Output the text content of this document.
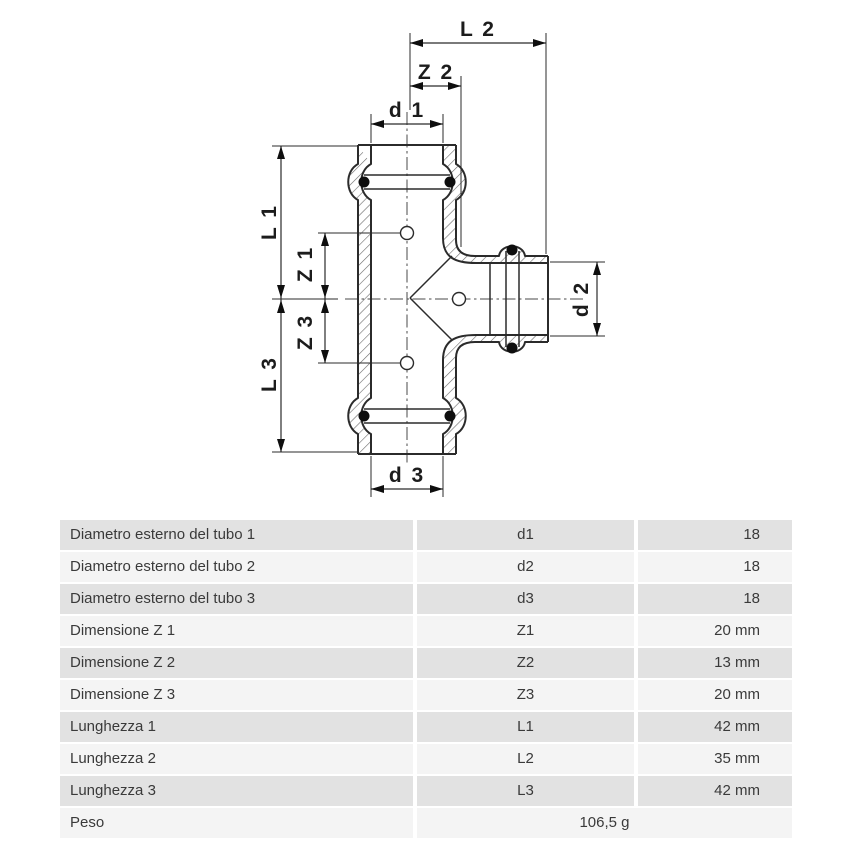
L 2
Z 2
d 1
d 3
L 1
Z 1
Z 3
L 3
d 2
Diametro esterno del tubo 1	d1	18
Diametro esterno del tubo 2	d2	18
Diametro esterno del tubo 3	d3	18
Dimensione Z 1	Z1	20 mm
Dimensione Z 2	Z2	13 mm
Dimensione Z 3	Z3	20 mm
Lunghezza 1	L1	42 mm
Lunghezza 2	L2	35 mm
Lunghezza 3	L3	42 mm
Peso	106,5 g
